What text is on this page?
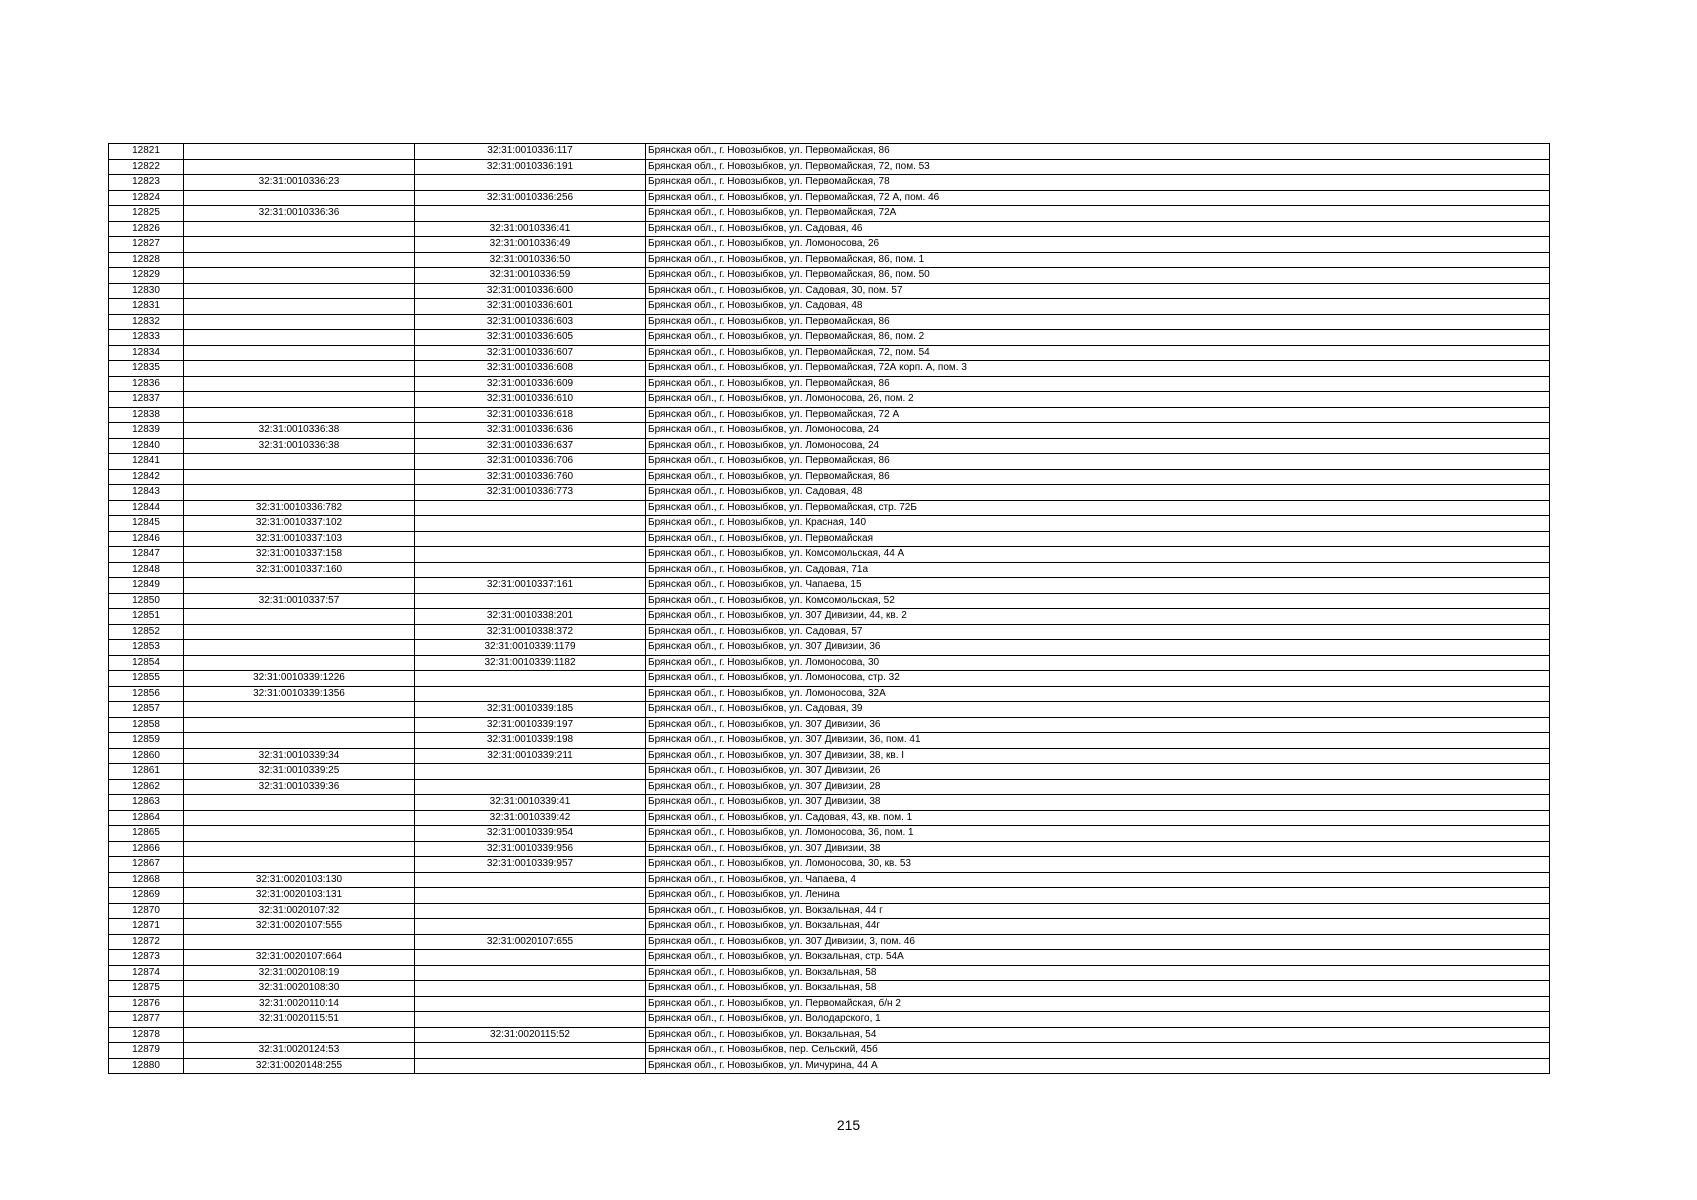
12821		32:31:0010336:117	Брянская обл., г. Новозыбков, ул. Первомайская, 86
12822		32:31:0010336:191	Брянская обл., г. Новозыбков, ул. Первомайская, 72, пом. 53
12823	32:31:0010336:23		Брянская обл., г. Новозыбков, ул. Первомайская, 78
12824		32:31:0010336:256	Брянская обл., г. Новозыбков, ул. Первомайская, 72 А, пом. 46
12825	32:31:0010336:36		Брянская обл., г. Новозыбков, ул. Первомайская, 72А
12826		32:31:0010336:41	Брянская обл., г. Новозыбков, ул. Садовая, 46
12827		32:31:0010336:49	Брянская обл., г. Новозыбков, ул. Ломоносова, 26
12828		32:31:0010336:50	Брянская обл., г. Новозыбков, ул. Первомайская, 86, пом. 1
12829		32:31:0010336:59	Брянская обл., г. Новозыбков, ул. Первомайская, 86, пом. 50
12830		32:31:0010336:600	Брянская обл., г. Новозыбков, ул. Садовая, 30, пом. 57
12831		32:31:0010336:601	Брянская обл., г. Новозыбков, ул. Садовая, 48
12832		32:31:0010336:603	Брянская обл., г. Новозыбков, ул. Первомайская, 86
12833		32:31:0010336:605	Брянская обл., г. Новозыбков, ул. Первомайская, 86, пом. 2
12834		32:31:0010336:607	Брянская обл., г. Новозыбков, ул. Первомайская, 72, пом. 54
12835		32:31:0010336:608	Брянская обл., г. Новозыбков, ул. Первомайская, 72А корп. А, пом. 3
12836		32:31:0010336:609	Брянская обл., г. Новозыбков, ул. Первомайская, 86
12837		32:31:0010336:610	Брянская обл., г. Новозыбков, ул. Ломоносова, 26, пом. 2
12838		32:31:0010336:618	Брянская обл., г. Новозыбков, ул. Первомайская, 72 А
12839	32:31:0010336:38	32:31:0010336:636	Брянская обл., г. Новозыбков, ул. Ломоносова, 24
12840	32:31:0010336:38	32:31:0010336:637	Брянская обл., г. Новозыбков, ул. Ломоносова, 24
12841		32:31:0010336:706	Брянская обл., г. Новозыбков, ул. Первомайская, 86
12842		32:31:0010336:760	Брянская обл., г. Новозыбков, ул. Первомайская, 86
12843		32:31:0010336:773	Брянская обл., г. Новозыбков, ул. Садовая, 48
12844	32:31:0010336:782		Брянская обл., г. Новозыбков, ул. Первомайская, стр. 72Б
12845	32:31:0010337:102		Брянская обл., г. Новозыбков, ул. Красная, 140
12846	32:31:0010337:103		Брянская обл., г. Новозыбков, ул. Первомайская
12847	32:31:0010337:158		Брянская обл., г. Новозыбков, ул. Комсомольская, 44 А
12848	32:31:0010337:160		Брянская обл., г. Новозыбков, ул. Садовая, 71а
12849		32:31:0010337:161	Брянская обл., г. Новозыбков, ул. Чапаева, 15
12850	32:31:0010337:57		Брянская обл., г. Новозыбков, ул. Комсомольская, 52
12851		32:31:0010338:201	Брянская обл., г. Новозыбков, ул. 307 Дивизии, 44, кв. 2
12852		32:31:0010338:372	Брянская обл., г. Новозыбков, ул. Садовая, 57
12853		32:31:0010339:1179	Брянская обл., г. Новозыбков, ул. 307 Дивизии, 36
12854		32:31:0010339:1182	Брянская обл., г. Новозыбков, ул. Ломоносова, 30
12855	32:31:0010339:1226		Брянская обл., г. Новозыбков, ул. Ломоносова, стр. 32
12856	32:31:0010339:1356		Брянская обл., г. Новозыбков, ул. Ломоносова, 32А
12857		32:31:0010339:185	Брянская обл., г. Новозыбков, ул. Садовая, 39
12858		32:31:0010339:197	Брянская обл., г. Новозыбков, ул. 307 Дивизии, 36
12859		32:31:0010339:198	Брянская обл., г. Новозыбков, ул. 307 Дивизии, 36, пом. 41
12860	32:31:0010339:34	32:31:0010339:211	Брянская обл., г. Новозыбков, ул. 307 Дивизии, 38, кв. I
12861	32:31:0010339:25		Брянская обл., г. Новозыбков, ул. 307 Дивизии, 26
12862	32:31:0010339:36		Брянская обл., г. Новозыбков, ул. 307 Дивизии, 28
12863		32:31:0010339:41	Брянская обл., г. Новозыбков, ул. 307 Дивизии, 38
12864		32:31:0010339:42	Брянская обл., г. Новозыбков, ул. Садовая, 43, кв. пом. 1
12865		32:31:0010339:954	Брянская обл., г. Новозыбков, ул. Ломоносова, 36, пом. 1
12866		32:31:0010339:956	Брянская обл., г. Новозыбков, ул. 307 Дивизии, 38
12867		32:31:0010339:957	Брянская обл., г. Новозыбков, ул. Ломоносова, 30, кв. 53
12868	32:31:0020103:130		Брянская обл., г. Новозыбков, ул. Чапаева, 4
12869	32:31:0020103:131		Брянская обл., г. Новозыбков, ул. Ленина
12870	32:31:0020107:32		Брянская обл., г. Новозыбков, ул. Вокзальная, 44 г
12871	32:31:0020107:555		Брянская обл., г. Новозыбков, ул. Вокзальная, 44г
12872		32:31:0020107:655	Брянская обл., г. Новозыбков, ул. 307 Дивизии, 3, пом. 46
12873	32:31:0020107:664		Брянская обл., г. Новозыбков, ул. Вокзальная, стр. 54А
12874	32:31:0020108:19		Брянская обл., г. Новозыбков, ул. Вокзальная, 58
12875	32:31:0020108:30		Брянская обл., г. Новозыбков, ул. Вокзальная, 58
12876	32:31:0020110:14		Брянская обл., г. Новозыбков, ул. Первомайская, б/н 2
12877	32:31:0020115:51		Брянская обл., г. Новозыбков, ул. Володарского, 1
12878		32:31:0020115:52	Брянская обл., г. Новозыбков, ул. Вокзальная, 54
12879	32:31:0020124:53		Брянская обл., г. Новозыбков, пер. Сельский, 45б
12880	32:31:0020148:255		Брянская обл., г. Новозыбков, ул. Мичурина, 44 А
215
